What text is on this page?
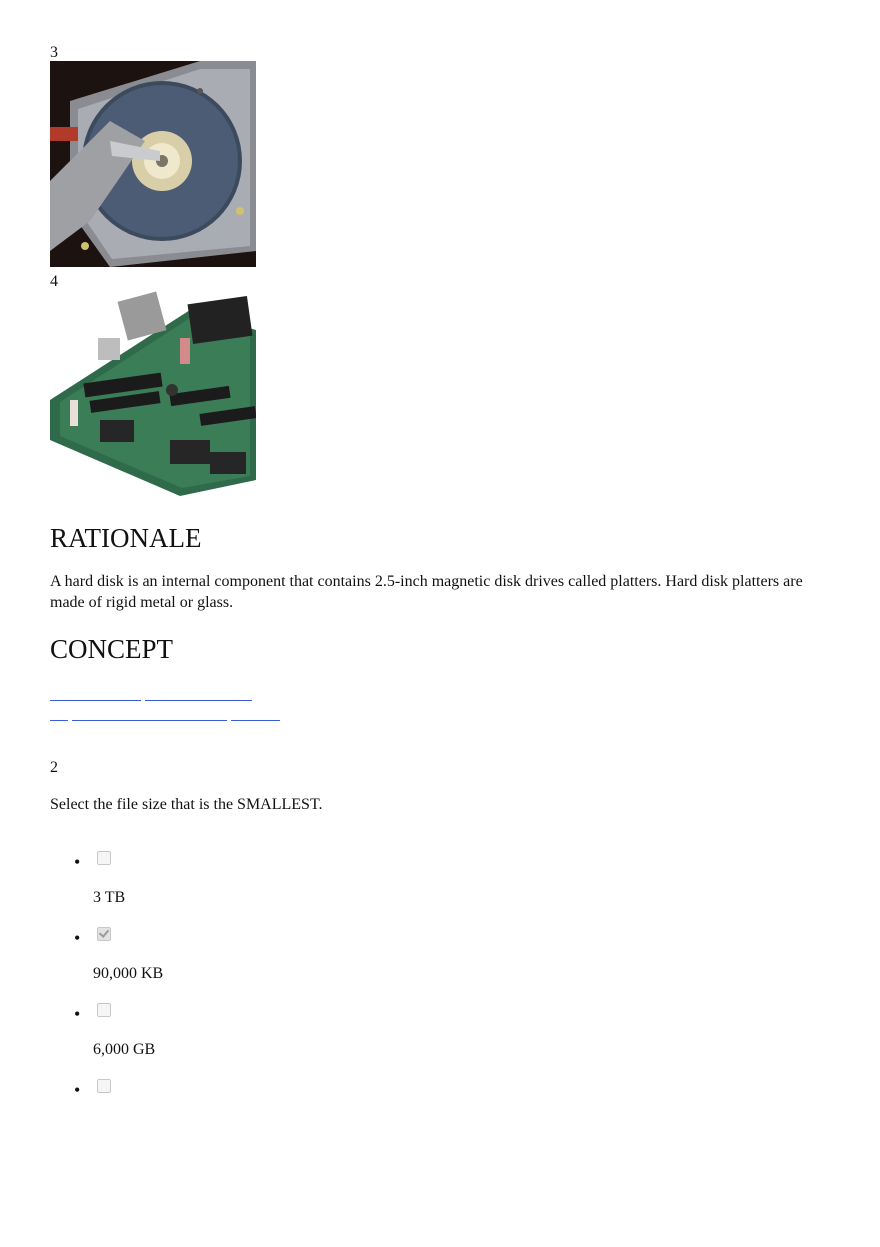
3
4
RATIONALE

A hard disk is an internal component that contains 2.5-inch magnetic disk drives called platters. Hard disk platters are made of rigid metal or glass.

CONCEPT
2

Select the file size that is the SMALLEST.

•
3 TB
•
90,000 KB
•
6,000 GB
•
